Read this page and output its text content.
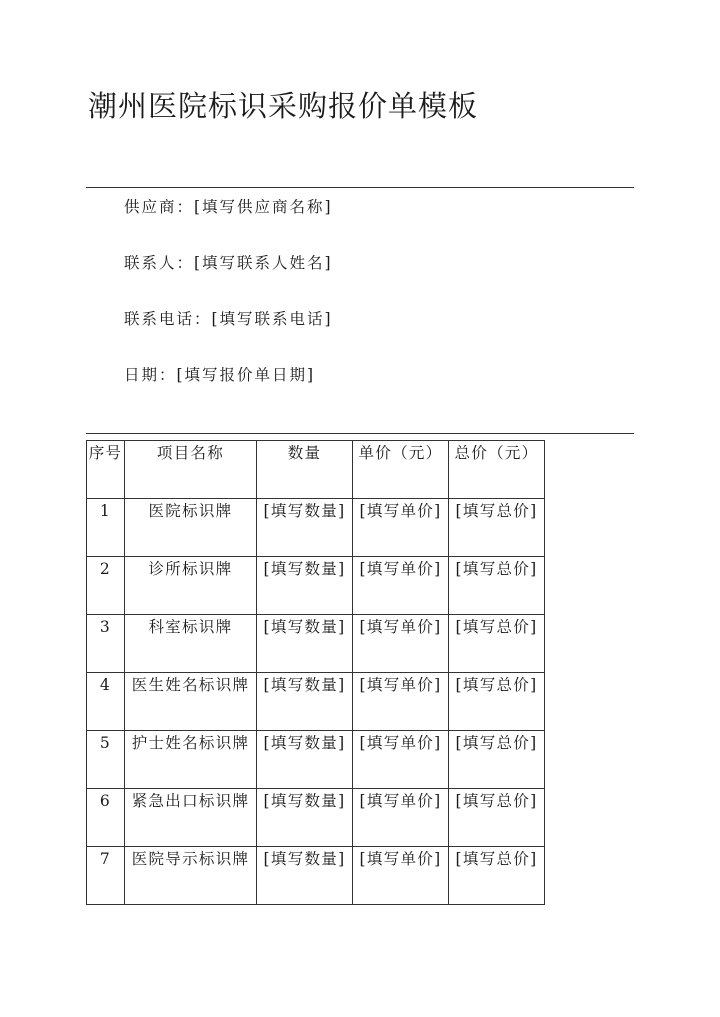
潮州医院标识采购报价单模板
供应商：[填写供应商名称]
联系人：[填写联系人姓名]
联系电话：[填写联系电话]
日期：[填写报价单日期]
序号	项目名称	数量	单价（元）	总价（元）
1	医院标识牌	[填写数量]	[填写单价]	[填写总价]
2	诊所标识牌	[填写数量]	[填写单价]	[填写总价]
3	科室标识牌	[填写数量]	[填写单价]	[填写总价]
4	医生姓名标识牌	[填写数量]	[填写单价]	[填写总价]
5	护士姓名标识牌	[填写数量]	[填写单价]	[填写总价]
6	紧急出口标识牌	[填写数量]	[填写单价]	[填写总价]
7	医院导示标识牌	[填写数量]	[填写单价]	[填写总价]
